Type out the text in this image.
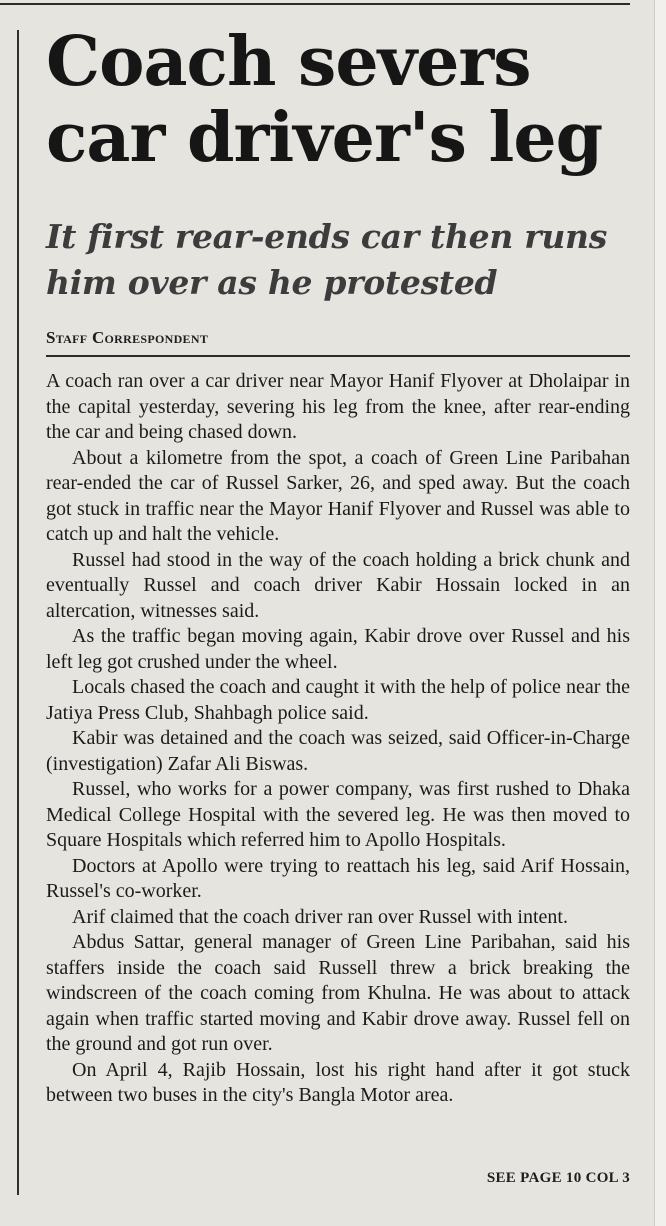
Coach severs car driver's leg
It first rear-ends car then runs him over as he protested
Staff Correspondent

A coach ran over a car driver near Mayor Hanif Flyover at Dholaipar in the capital yesterday, severing his leg from the knee, after rear-ending the car and being chased down.

About a kilometre from the spot, a coach of Green Line Paribahan rear-ended the car of Russel Sarker, 26, and sped away. But the coach got stuck in traffic near the Mayor Hanif Flyover and Russel was able to catch up and halt the vehicle.

Russel had stood in the way of the coach holding a brick chunk and eventually Russel and coach driver Kabir Hossain locked in an altercation, witnesses said.

As the traffic began moving again, Kabir drove over Russel and his left leg got crushed under the wheel.

Locals chased the coach and caught it with the help of police near the Jatiya Press Club, Shahbagh police said.

Kabir was detained and the coach was seized, said Officer-in-Charge (investigation) Zafar Ali Biswas.

Russel, who works for a power company, was first rushed to Dhaka Medical College Hospital with the severed leg. He was then moved to Square Hospitals which referred him to Apollo Hospitals.

Doctors at Apollo were trying to reattach his leg, said Arif Hossain, Russel's co-worker.

Arif claimed that the coach driver ran over Russel with intent.

Abdus Sattar, general manager of Green Line Paribahan, said his staffers inside the coach said Russell threw a brick breaking the windscreen of the coach coming from Khulna. He was about to attack again when traffic started moving and Kabir drove away. Russel fell on the ground and got run over.

On April 4, Rajib Hossain, lost his right hand after it got stuck between two buses in the city's Bangla Motor area.

SEE PAGE 10 COL 3
